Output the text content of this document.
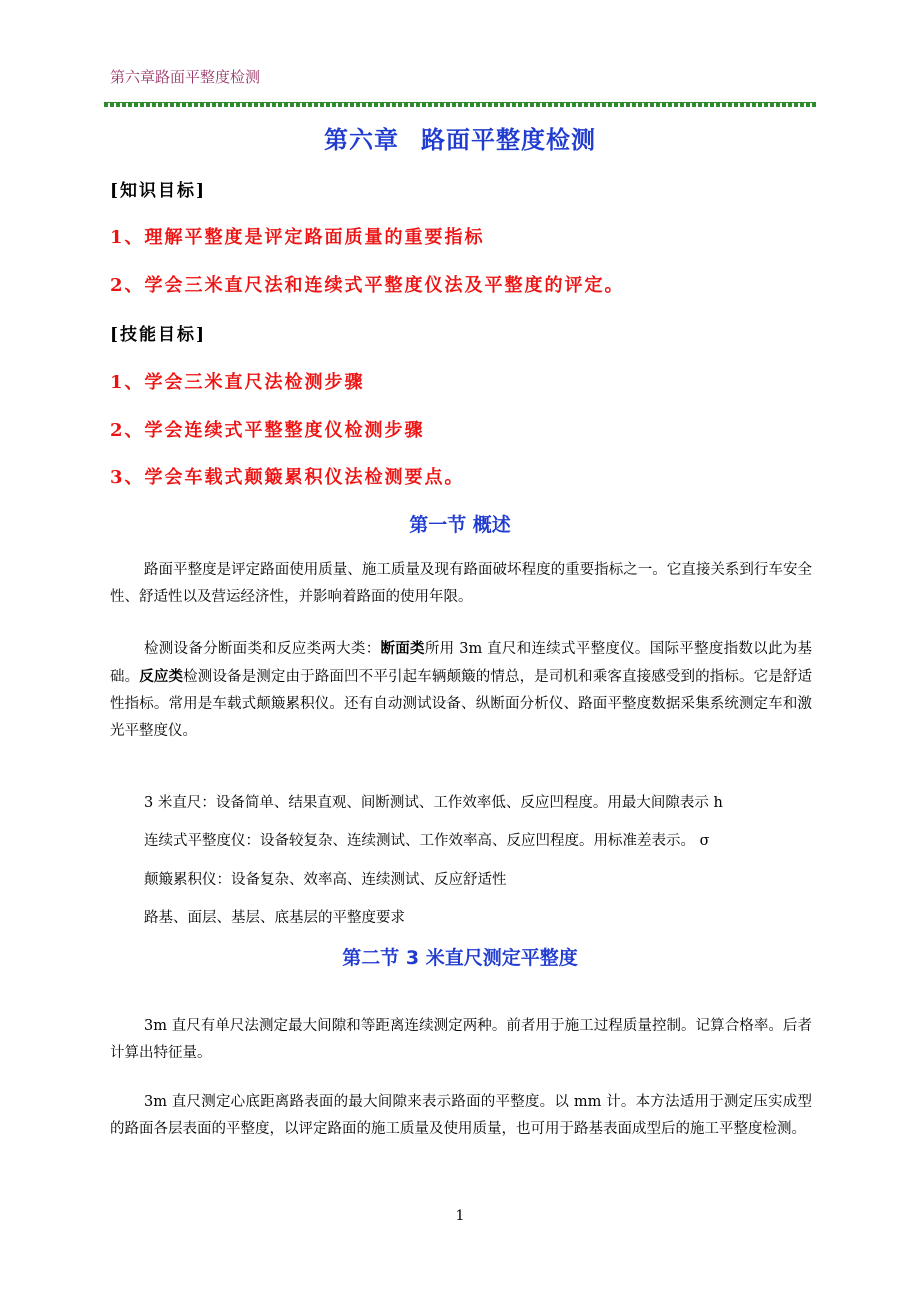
第六章路面平整度检测
第六章 路面平整度检测
[知识目标]
1、理解平整度是评定路面质量的重要指标
2、学会三米直尺法和连续式平整度仪法及平整度的评定。
[技能目标]
1、学会三米直尺法检测步骤
2、学会连续式平整整度仪检测步骤
3、学会车载式颠簸累积仪法检测要点。
第一节 概述
路面平整度是评定路面使用质量、施工质量及现有路面破坏程度的重要指标之一。它直接关系到行车安全性、舒适性以及营运经济性，并影响着路面的使用年限。
检测设备分断面类和反应类两大类：断面类所用 3m 直尺和连续式平整度仪。国际平整度指数以此为基础。反应类检测设备是测定由于路面凹不平引起车辆颠簸的情总，是司机和乘客直接感受到的指标。它是舒适性指标。常用是车载式颠簸累积仪。还有自动测试设备、纵断面分析仪、路面平整度数据采集系统测定车和激光平整度仪。
3 米直尺：设备简单、结果直观、间断测试、工作效率低、反应凹程度。用最大间隙表示 h
连续式平整度仪：设备较复杂、连续测试、工作效率高、反应凹程度。用标准差表示。 σ
颠簸累积仪：设备复杂、效率高、连续测试、反应舒适性
路基、面层、基层、底基层的平整度要求
第二节 3 米直尺测定平整度
3m 直尺有单尺法测定最大间隙和等距离连续测定两种。前者用于施工过程质量控制。记算合格率。后者计算出特征量。
3m 直尺测定心底距离路表面的最大间隙来表示路面的平整度。以 mm 计。本方法适用于测定压实成型的路面各层表面的平整度，以评定路面的施工质量及使用质量，也可用于路基表面成型后的施工平整度检测。
1
